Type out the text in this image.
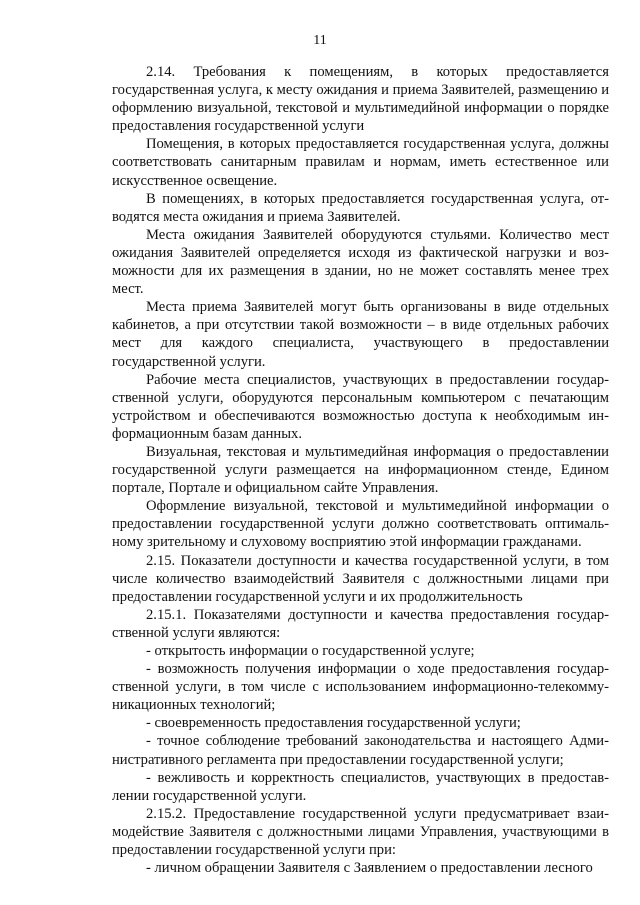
11

2.14. Требования к помещениям, в которых предоставляется государственная услуга, к месту ожидания и приема Заявителей, размещению и оформлению визуальной, текстовой и мультимедийной информации о порядке предоставления государственной услуги

Помещения, в которых предоставляется государственная услуга, должны соответствовать санитарным правилам и нормам, иметь естественное или искусственное освещение.

В помещениях, в которых предоставляется государственная услуга, отводятся места ожидания и приема Заявителей.

Места ожидания Заявителей оборудуются стульями. Количество мест ожидания Заявителей определяется исходя из фактической нагрузки и возможности для их размещения в здании, но не может составлять менее трех мест.

Места приема Заявителей могут быть организованы в виде отдельных кабинетов, а при отсутствии такой возможности – в виде отдельных рабочих мест для каждого специалиста, участвующего в предоставлении государственной услуги.

Рабочие места специалистов, участвующих в предоставлении государственной услуги, оборудуются персональным компьютером с печатающим устройством и обеспечиваются возможностью доступа к необходимым информационным базам данных.

Визуальная, текстовая и мультимедийная информация о предоставлении государственной услуги размещается на информационном стенде, Едином портале, Портале и официальном сайте Управления.

Оформление визуальной, текстовой и мультимедийной информации о предоставлении государственной услуги должно соответствовать оптимальному зрительному и слуховому восприятию этой информации гражданами.

2.15. Показатели доступности и качества государственной услуги, в том числе количество взаимодействий Заявителя с должностными лицами при предоставлении государственной услуги и их продолжительность

2.15.1. Показателями доступности и качества предоставления государственной услуги являются:

- открытость информации о государственной услуге;

- возможность получения информации о ходе предоставления государственной услуги, в том числе с использованием информационно-телекоммуникационных технологий;

- своевременность предоставления государственной услуги;

- точное соблюдение требований законодательства и настоящего Административного регламента при предоставлении государственной услуги;

- вежливость и корректность специалистов, участвующих в предоставлении государственной услуги.

2.15.2. Предоставление государственной услуги предусматривает взаимодействие Заявителя с должностными лицами Управления, участвующими в предоставлении государственной услуги при:

- личном обращении Заявителя с Заявлением о предоставлении лесного
